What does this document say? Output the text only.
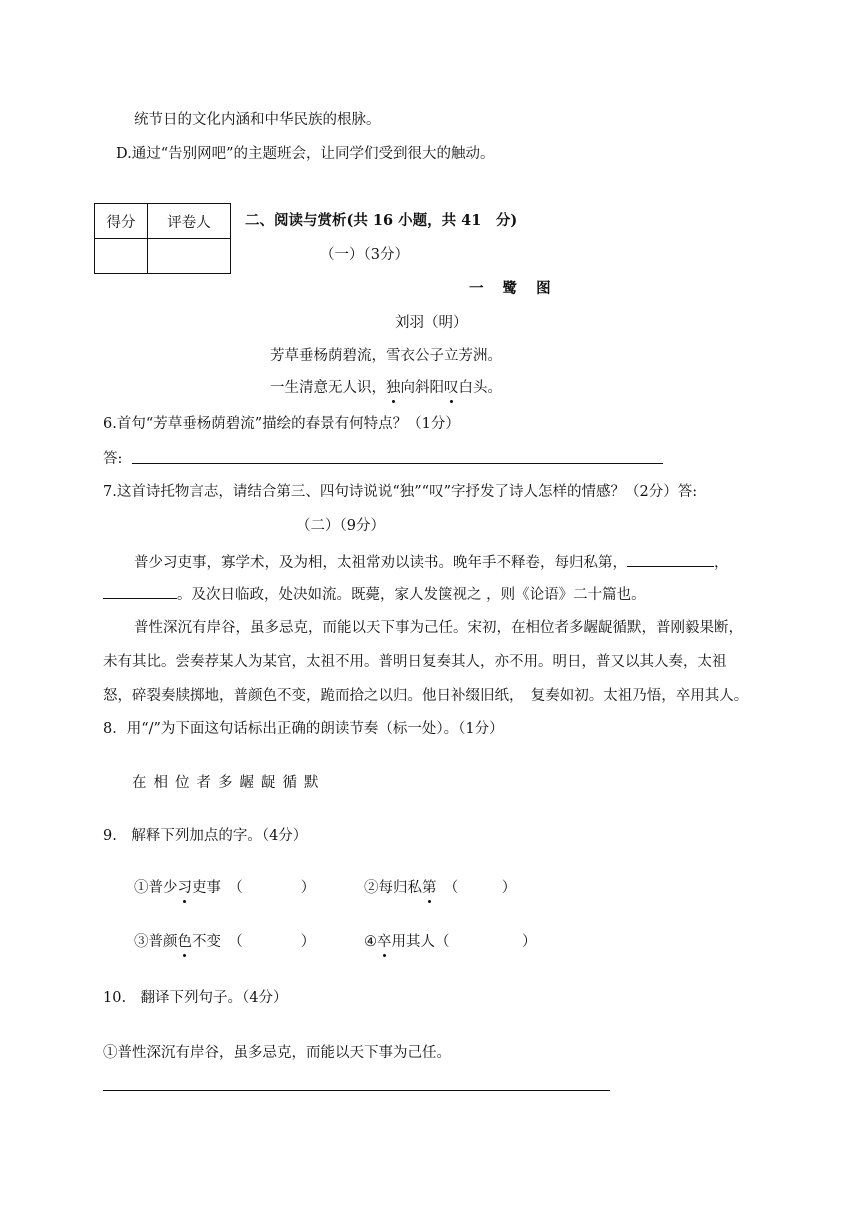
统节日的文化内涵和中华民族的根脉。
D.通过“告别网吧”的主题班会，让同学们受到很大的触动。
得分	评卷人
	二、阅读与赏析(共 16 小题，共 41　分)
（一）（3分）
一 鹭 图
刘羽（明）
芳草垂杨荫碧流，雪衣公子立芳洲。
一生清意无人识，独向斜阳叹白头。
6.首句“芳草垂杨荫碧流”描绘的春景有何特点？（1分）
答:
7.这首诗托物言志，请结合第三、四句诗说说“独”“叹”字抒发了诗人怎样的情感？（2分）答:
（二）（9分）
普少习吏事，寡学术，及为相，太祖常劝以读书。晚年手不释卷，每归私第，	，
。及次日临政，处决如流。既薨，家人发箧视之 ，则《论语》二十篇也。
普性深沉有岸谷，虽多忌克，而能以天下事为己任。宋初，在相位者多龌龊循默，普刚毅果断，
未有其比。尝奏荐某人为某官，太祖不用。普明日复奏其人，亦不用。明日，普又以其人奏，太祖
怒，碎裂奏牍掷地，普颜色不变，跪而拾之以归。他日补缀旧纸，　复奏如初。太祖乃悟，卒用其人。
8．用“/”为下面这句话标出正确的朗读节奏（标一处）。（1分）
在相位者多龌龊循默
9.　解释下列加点的字。（4分）
①普少习吏事　 （　　　　）	②每归私第　 （　　　）
③普颜色不变　 （　　　　）	④卒用其人（　　　　　）
10.　翻译下列句子。（4分）
①普性深沉有岸谷，虽多忌克，而能以天下事为己任。
